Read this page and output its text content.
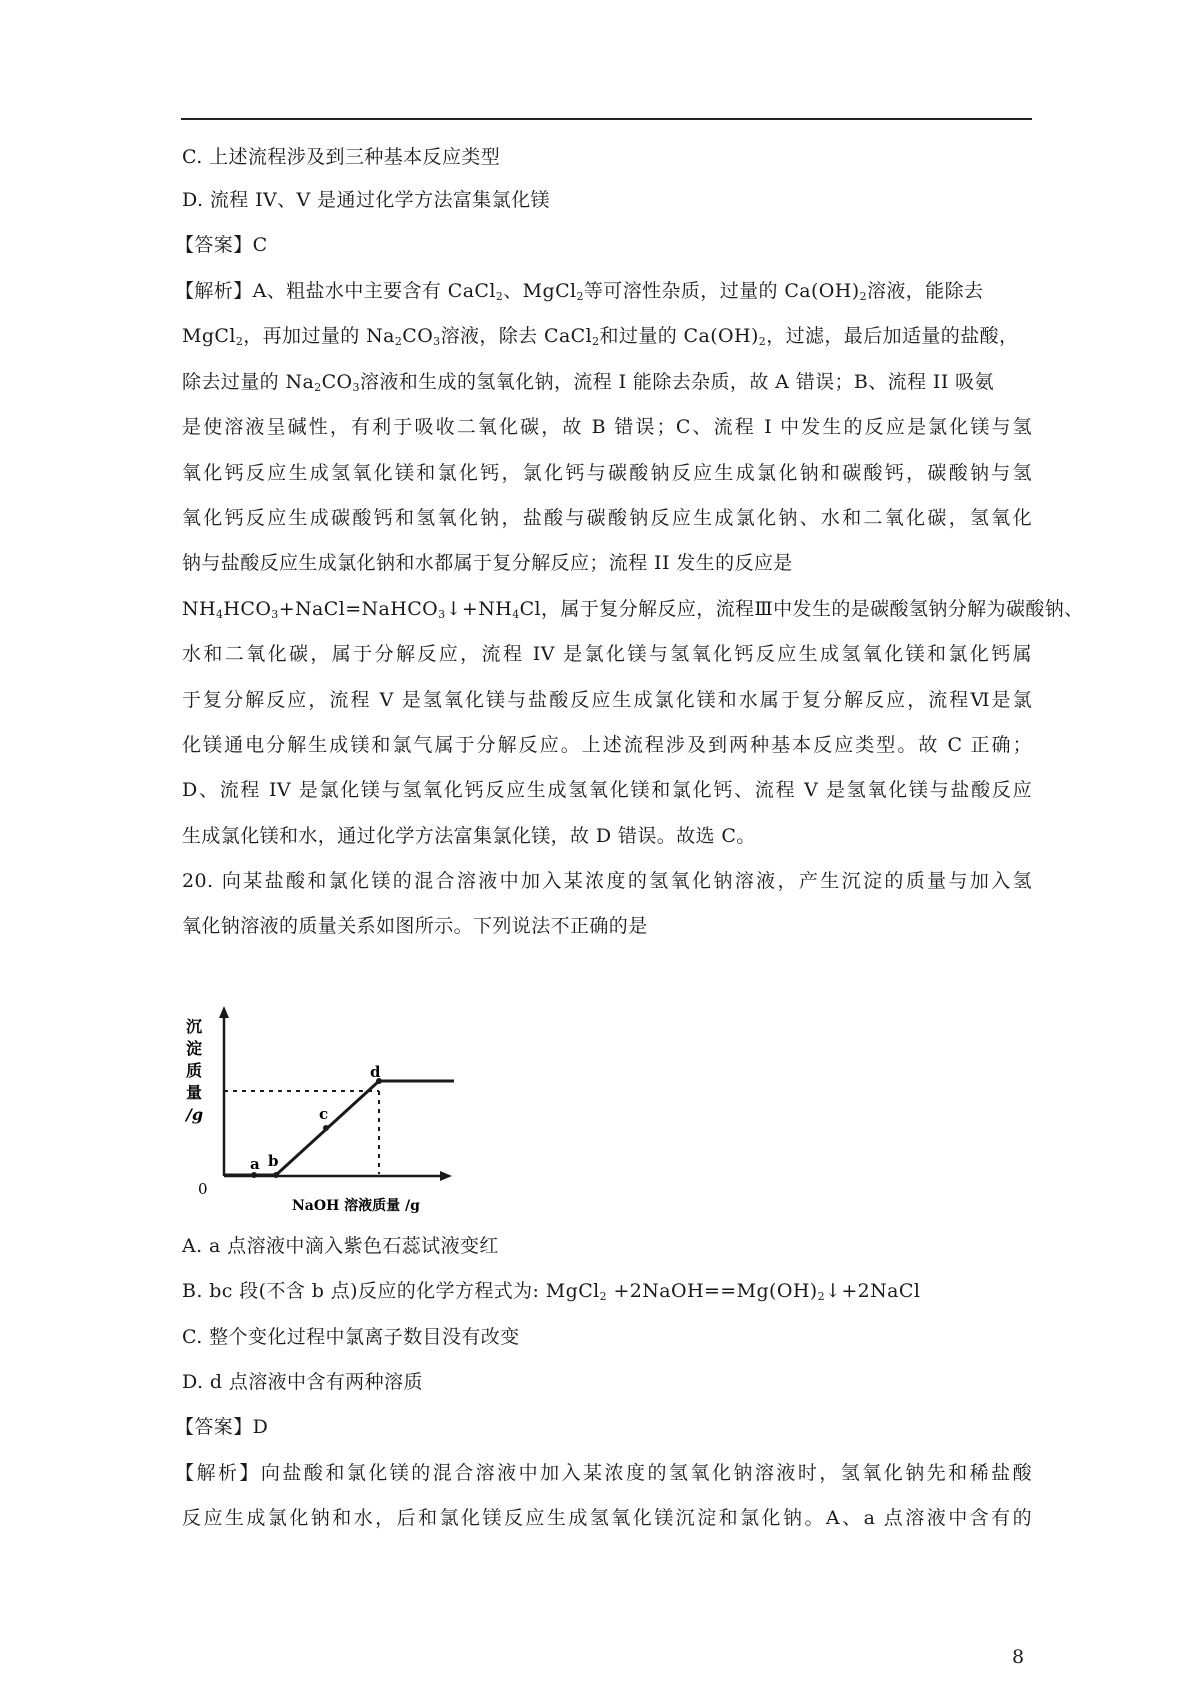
C. 上述流程涉及到三种基本反应类型
D. 流程 IV、V 是通过化学方法富集氯化镁
【答案】C
【解析】A、粗盐水中主要含有 CaCl$_2$、MgCl$_2$等可溶性杂质，过量的 $Ca(OH)_2$溶液，能除去
MgCl$_2$，再加过量的 $Na_2CO_3$溶液，除去 CaCl$_2$和过量的 $Ca(OH)_2$，过滤，最后加适量的盐酸，
除去过量的 $Na_2CO_3$溶液和生成的氢氧化钠，流程 I 能除去杂质，故 A 错误；B、流程 II 吸氨
是使溶液呈碱性，有利于吸收二氧化碳，故 B 错误；C、流程 I 中发生的反应是氯化镁与氢
氧化钙反应生成氢氧化镁和氯化钙，氯化钙与碳酸钠反应生成氯化钠和碳酸钙，碳酸钠与氢
氧化钙反应生成碳酸钙和氢氧化钠，盐酸与碳酸钠反应生成氯化钠、水和二氧化碳，氢氧化
钠与盐酸反应生成氯化钠和水都属于复分解反应；流程 II 发生的反应是
$NH_4HCO_3+NaCl=NaHCO_3↓+NH_4Cl$，属于复分解反应，流程Ⅲ中发生的是碳酸氢钠分解为碳酸钠、
水和二氧化碳，属于分解反应，流程 IV 是氯化镁与氢氧化钙反应生成氢氧化镁和氯化钙属
于复分解反应，流程 V 是氢氧化镁与盐酸反应生成氯化镁和水属于复分解反应，流程Ⅵ是氯
化镁通电分解生成镁和氯气属于分解反应。上述流程涉及到两种基本反应类型。故 C 正确；
D、流程 IV 是氯化镁与氢氧化钙反应生成氢氧化镁和氯化钙、流程 V 是氢氧化镁与盐酸反应
生成氯化镁和水，通过化学方法富集氯化镁，故 D 错误。故选 C。
20. 向某盐酸和氯化镁的混合溶液中加入某浓度的氢氧化钠溶液，产生沉淀的质量与加入氢
氧化钠溶液的质量关系如图所示。下列说法不正确的是
沉
淀
质
量
/g
a b
c
d
0
NaOH 溶液质量 /g
A. a 点溶液中滴入紫色石蕊试液变红
B. bc 段(不含 b 点)反应的化学方程式为: MgCl$_2$ $+2NaOH==Mg(OH)_2↓+2NaCl$
C. 整个变化过程中氯离子数目没有改变
D. d 点溶液中含有两种溶质
【答案】D
【解析】向盐酸和氯化镁的混合溶液中加入某浓度的氢氧化钠溶液时，氢氧化钠先和稀盐酸
反应生成氯化钠和水，后和氯化镁反应生成氢氧化镁沉淀和氯化钠。A、a 点溶液中含有的
8
